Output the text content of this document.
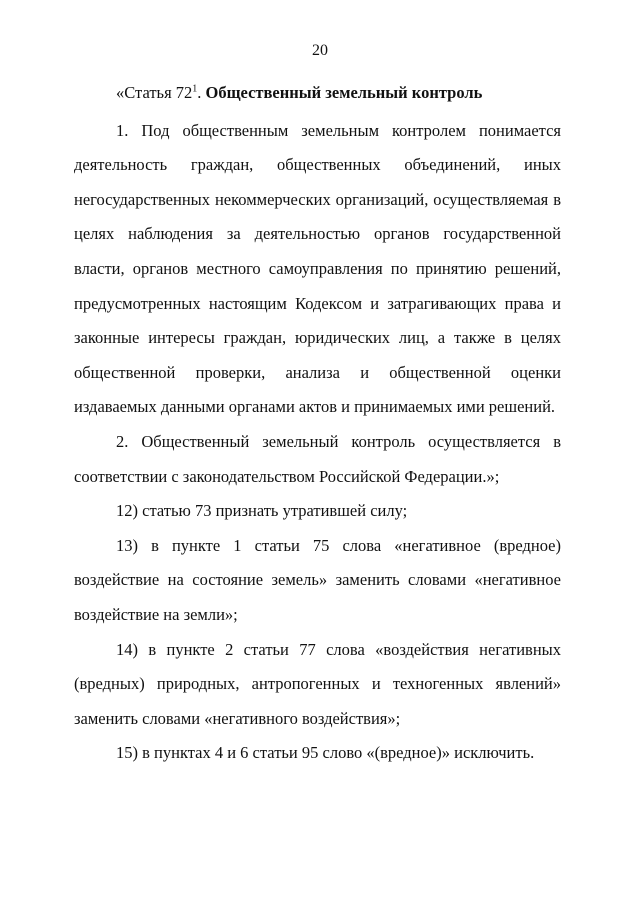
20

«Статья $72^1$. Общественный земельный контроль

1. Под общественным земельным контролем понимается деятельность граждан, общественных объединений, иных негосударственных некоммерческих организаций, осуществляемая в целях наблюдения за деятельностью органов государственной власти, органов местного самоуправления по принятию решений, предусмотренных настоящим Кодексом и затрагивающих права и законные интересы граждан, юридических лиц, а также в целях общественной проверки, анализа и общественной оценки издаваемых данными органами актов и принимаемых ими решений.

2. Общественный земельный контроль осуществляется в соответствии с законодательством Российской Федерации.»;

12) статью 73 признать утратившей силу;

13) в пункте 1 статьи 75 слова «негативное (вредное) воздействие на состояние земель» заменить словами «негативное воздействие на земли»;

14) в пункте 2 статьи 77 слова «воздействия негативных (вредных) природных, антропогенных и техногенных явлений» заменить словами «негативного воздействия»;

15) в пунктах 4 и 6 статьи 95 слово «(вредное)» исключить.
